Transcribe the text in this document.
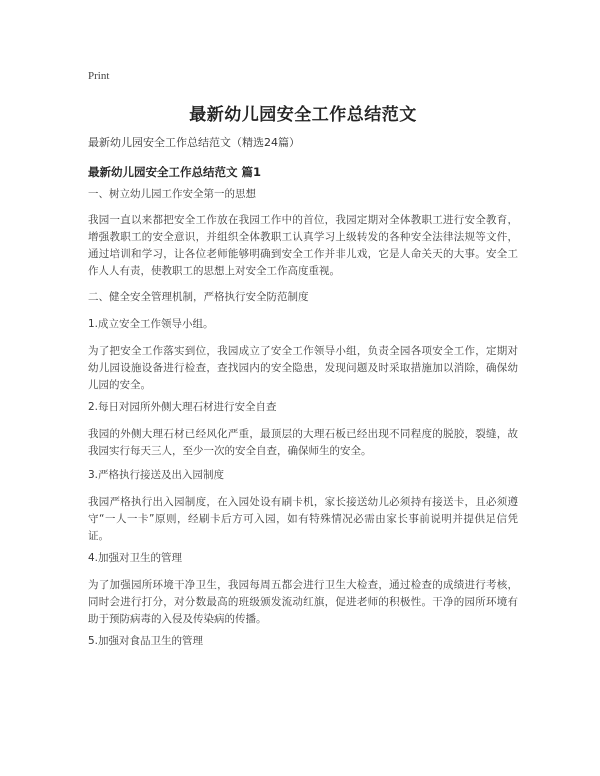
Print
最新幼儿园安全工作总结范文
最新幼儿园安全工作总结范文（精选24篇）
最新幼儿园安全工作总结范文 篇1
一、树立幼儿园工作安全第一的思想
我园一直以来都把安全工作放在我园工作中的首位，我园定期对全体教职工进行安全教育，增强教职工的安全意识，并组织全体教职工认真学习上级转发的各种安全法律法规等文件，通过培训和学习，让各位老师能够明确到安全工作并非儿戏，它是人命关天的大事。安全工作人人有责，使教职工的思想上对安全工作高度重视。
二、健全安全管理机制，严格执行安全防范制度
1.成立安全工作领导小组。
为了把安全工作落实到位，我园成立了安全工作领导小组，负责全园各项安全工作，定期对幼儿园设施设备进行检查，查找园内的安全隐患，发现问题及时采取措施加以消除，确保幼儿园的安全。
2.每日对园所外侧大理石材进行安全自查
我园的外侧大理石材已经风化严重，最顶层的大理石板已经出现不同程度的脱胶，裂缝，故我园实行每天三人，至少一次的安全自查，确保师生的安全。
3.严格执行接送及出入园制度
我园严格执行出入园制度，在入园处设有刷卡机，家长接送幼儿必须持有接送卡，且必须遵守“一人一卡”原则，经刷卡后方可入园，如有特殊情况必需由家长事前说明并提供足信凭证。
4.加强对卫生的管理
为了加强园所环境干净卫生，我园每周五都会进行卫生大检查，通过检查的成绩进行考核，同时会进行打分，对分数最高的班级颁发流动红旗，促进老师的积极性。干净的园所环境有助于预防病毒的入侵及传染病的传播。
5.加强对食品卫生的管理
